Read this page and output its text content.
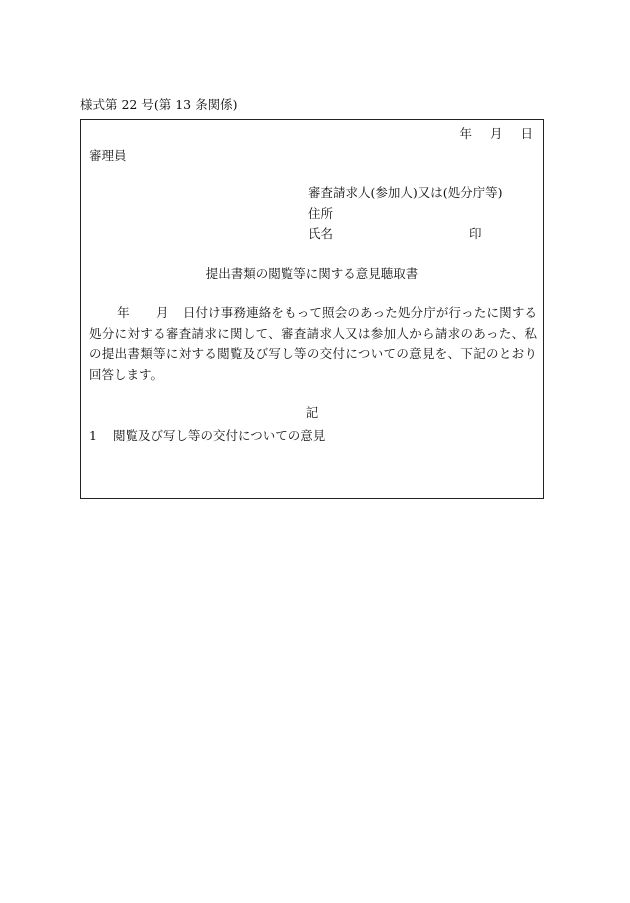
様式第 22 号(第 13 条関係)
年 月 日
審理員
審査請求人(参加人)又は(処分庁等)
住所
氏名	印
提出書類の閲覧等に関する意見聴取書
年 月 日付け事務連絡をもって照会のあった処分庁が行ったに関する処分に対する審査請求に関して、審査請求人又は参加人から請求のあった、私の提出書類等に対する閲覧及び写し等の交付についての意見を、下記のとおり回答します。
記
1 閲覧及び写し等の交付についての意見
